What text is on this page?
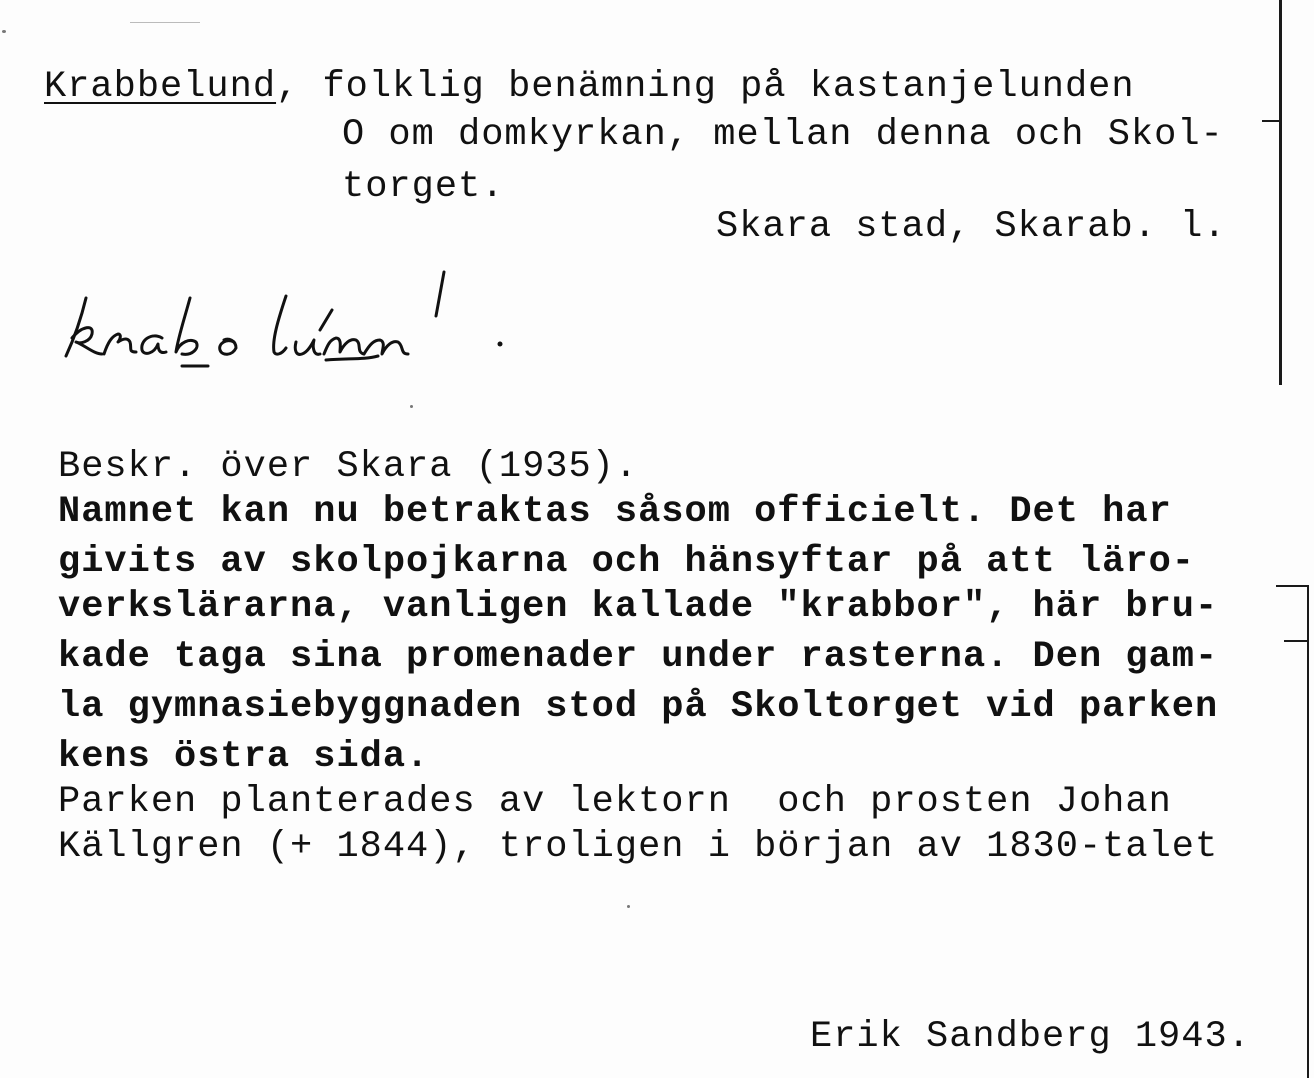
Krabbelund, folklig benämning på kastanjelunden
O om domkyrkan, mellan denna och Skol-
torget.
Skara stad, Skarab. l.
Beskr. över Skara (1935).
Namnet kan nu betraktas såsom officielt. Det har
givits av skolpojkarna och hänsyftar på att läro-
verkslärarna, vanligen kallade "krabbor", här bru-
kade taga sina promenader under rasterna. Den gam-
la gymnasiebyggnaden stod på Skoltorget vid parken
kens östra sida.
Parken planterades av lektorn  och prosten Johan
Källgren (+ 1844), troligen i början av 1830-talet
Erik Sandberg 1943.
